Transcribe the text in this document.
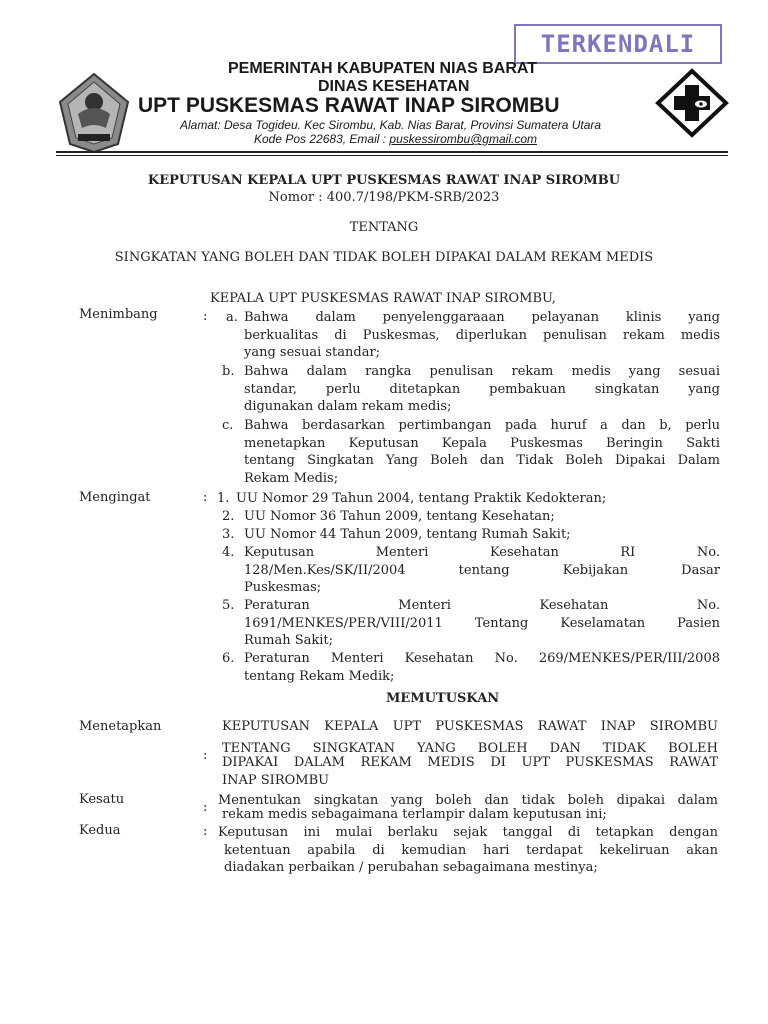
TERKENDALI
PEMERINTAH KABUPATEN NIAS BARAT
DINAS KESEHATAN
UPT PUSKESMAS RAWAT INAP SIROMBU
Alamat: Desa Togideu. Kec Sirombu, Kab. Nias Barat, Provinsi Sumatera Utara
Kode Pos 22683, Email : puskessirombu@gmail.com
KEPUTUSAN KEPALA UPT PUSKESMAS RAWAT INAP SIROMBU
Nomor : 400.7/198/PKM-SRB/2023
TENTANG
SINGKATAN YANG BOLEH DAN TIDAK BOLEH DIPAKAI DALAM REKAM MEDIS
KEPALA UPT PUSKESMAS RAWAT INAP SIROMBU,
Menimbang	: a. Bahwa dalam penyelenggaraaan pelayanan klinis yang
berkualitas di Puskesmas, diperlukan penulisan rekam medis
yang sesuai standar;
b. Bahwa dalam rangka penulisan rekam medis yang sesuai
standar, perlu ditetapkan pembakuan singkatan yang
digunakan dalam rekam medis;
c. Bahwa berdasarkan pertimbangan pada huruf a dan b, perlu
menetapkan Keputusan Kepala Puskesmas Beringin Sakti
tentang Singkatan Yang Boleh dan Tidak Boleh Dipakai Dalam
Rekam Medis;
Mengingat	: 1. UU Nomor 29 Tahun 2004, tentang Praktik Kedokteran;
2. UU Nomor 36 Tahun 2009, tentang Kesehatan;
3. UU Nomor 44 Tahun 2009, tentang Rumah Sakit;
4. Keputusan Menteri Kesehatan RI No.
128/Men.Kes/SK/II/2004 tentang Kebijakan Dasar
Puskesmas;
5. Peraturan Menteri Kesehatan No.
1691/MENKES/PER/VIII/2011 Tentang Keselamatan Pasien
Rumah Sakit;
6. Peraturan Menteri Kesehatan No. 269/MENKES/PER/III/2008
tentang Rekam Medik;
MEMUTUSKAN
Menetapkan
:
KEPUTUSAN KEPALA UPT PUSKESMAS RAWAT INAP SIROMBU
TENTANG SINGKATAN YANG BOLEH DAN TIDAK BOLEH
DIPAKAI DALAM REKAM MEDIS DI UPT PUSKESMAS RAWAT
INAP SIROMBU
Kesatu
: Menentukan singkatan yang boleh dan tidak boleh dipakai dalam
rekam medis sebagaimana terlampir dalam keputusan ini;
Kedua	: Keputusan ini mulai berlaku sejak tanggal di tetapkan dengan
ketentuan apabila di kemudian hari terdapat kekeliruan akan
diadakan perbaikan / perubahan sebagaimana mestinya;
